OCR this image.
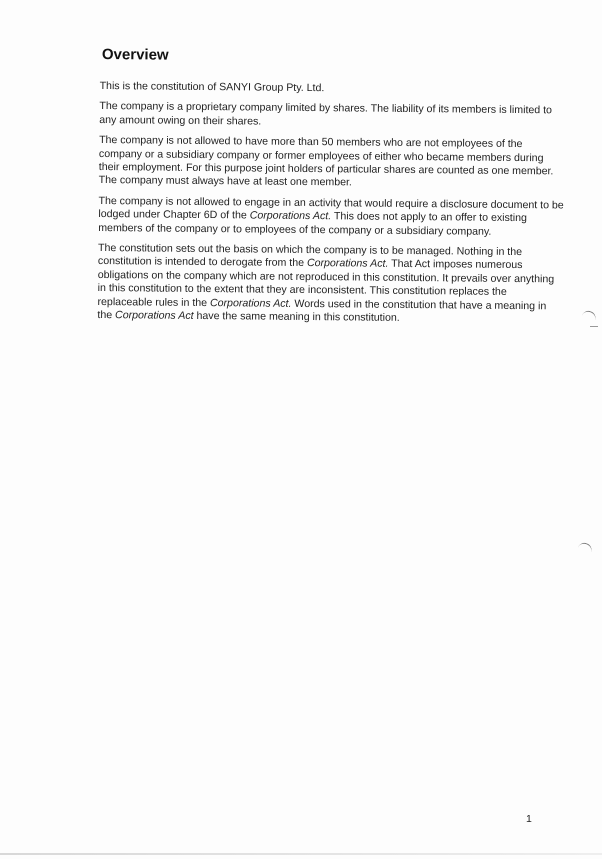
Overview
This is the constitution of SANYI Group Pty. Ltd.
The company is a proprietary company limited by shares. The liability of its members is limited to
any amount owing on their shares.
The company is not allowed to have more than 50 members who are not employees of the
company or a subsidiary company or former employees of either who became members during
their employment. For this purpose joint holders of particular shares are counted as one member.
The company must always have at least one member.
The company is not allowed to engage in an activity that would require a disclosure document to be
lodged under Chapter 6D of the Corporations Act. This does not apply to an offer to existing
members of the company or to employees of the company or a subsidiary company.
The constitution sets out the basis on which the company is to be managed. Nothing in the
constitution is intended to derogate from the Corporations Act. That Act imposes numerous
obligations on the company which are not reproduced in this constitution. It prevails over anything
in this constitution to the extent that they are inconsistent. This constitution replaces the
replaceable rules in the Corporations Act. Words used in the constitution that have a meaning in
the Corporations Act have the same meaning in this constitution.
1
